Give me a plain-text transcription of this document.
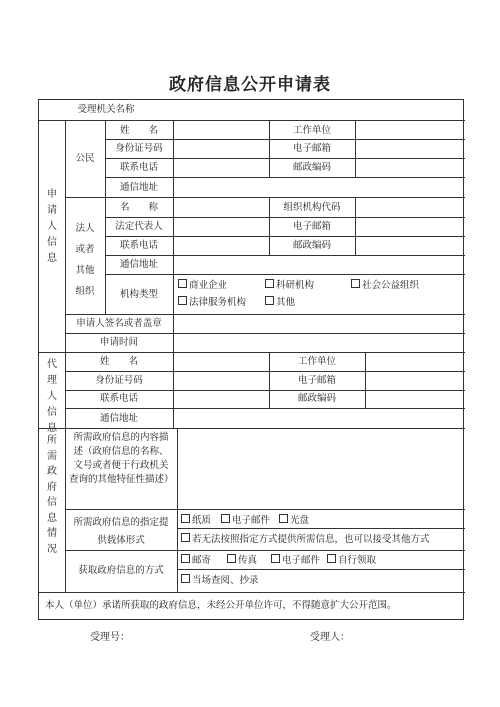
政府信息公开申请表
受理机关名称
申请人信息
公民
姓　　名	工作单位
身份证号码	电子邮箱
联系电话	邮政编码
通信地址
法人
或者
其他
组织
名　　称	组织机构代码
法定代表人	电子邮箱
联系电话	邮政编码
通信地址
机构类型
商业企业	科研机构	社会公益组织
法律服务机构	其他
申请人签名或者盖章
申请时间
代理人信息
姓　　名	工作单位
身份证号码	电子邮箱
联系电话	邮政编码
通信地址
所需政府信息情况
所需政府信息的内容描述（政府信息的名称、文号或者便于行政机关查询的其他特征性描述）
所需政府信息的指定提供载体形式
纸质	电子邮件	光盘
若无法按照指定方式提供所需信息，也可以接受其他方式
获取政府信息的方式
邮寄	传真	电子邮件	自行领取
当场查阅、抄录
本人（单位）承诺所获取的政府信息，未经公开单位许可，不得随意扩大公开范围。
受理号：	受理人：
